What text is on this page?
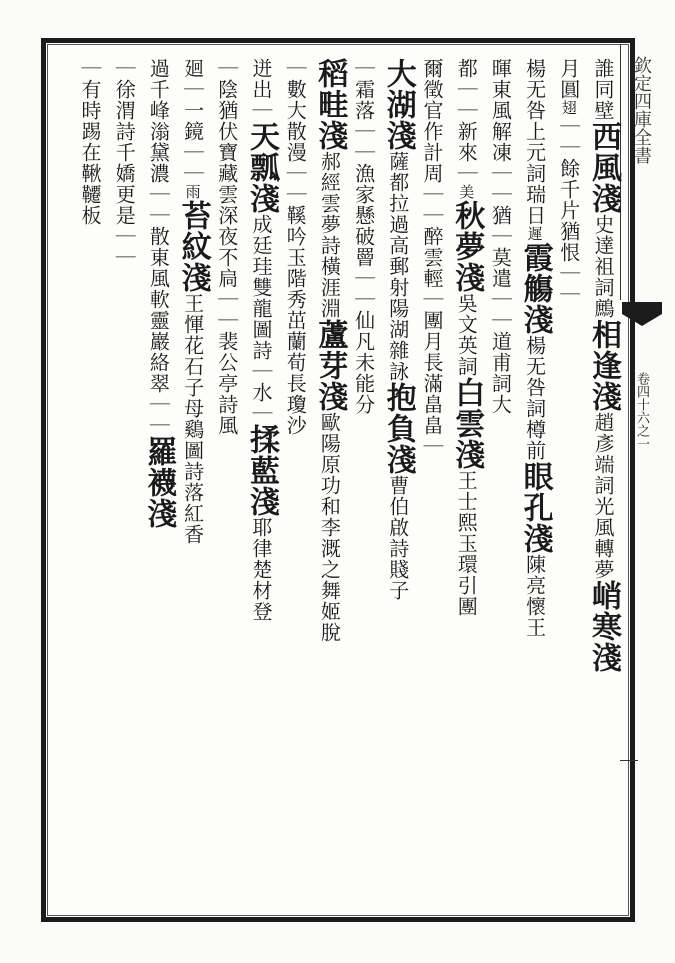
欽定四庫全書
卷四十六之一
誰同壁西風淺史達祖詞鷓相逢淺趙彥端詞光風轉夢峭寒淺
月圓翅｜｜餘千片猶恨｜｜
楊无咎上元詞瑞日遲霞觴淺楊无咎詞樽前眼孔淺陳亮懷王
暉東風解凍｜｜猶｜莫遣｜｜道甫詞大
都｜｜新來｜美秋夢淺吳文英詞白雲淺王士熙玉環引團
爾徵官作計周｜｜醉雲輕｜團月長滿畠畠｜
大湖淺薩都拉過高郵射陽湖雜詠抱負淺曹伯啟詩賤子
｜霜落｜｜漁家懸破罾｜｜仙凡未能分
稻畦淺郝經雲夢詩橫涯淵蘆芽淺歐陽原功和李溉之舞姬脫
｜數大散漫｜｜鞵吟玉階秀茁蘭荀長瓊沙
迸出｜天瓢淺成廷珪雙龍圖詩｜水｜揉藍淺耶律楚材登
｜陰猶伏寶藏雲深夜不扃｜｜裴公亭詩風
廻｜一鏡｜｜雨苔紋淺王惲花石子母鷄圖詩落紅香
過千峰滃黛濃｜｜散東風軟靈巖絡翠｜｜羅襪淺
｜徐渭詩千嬌更是｜｜
｜有時踢在鞦韆板
